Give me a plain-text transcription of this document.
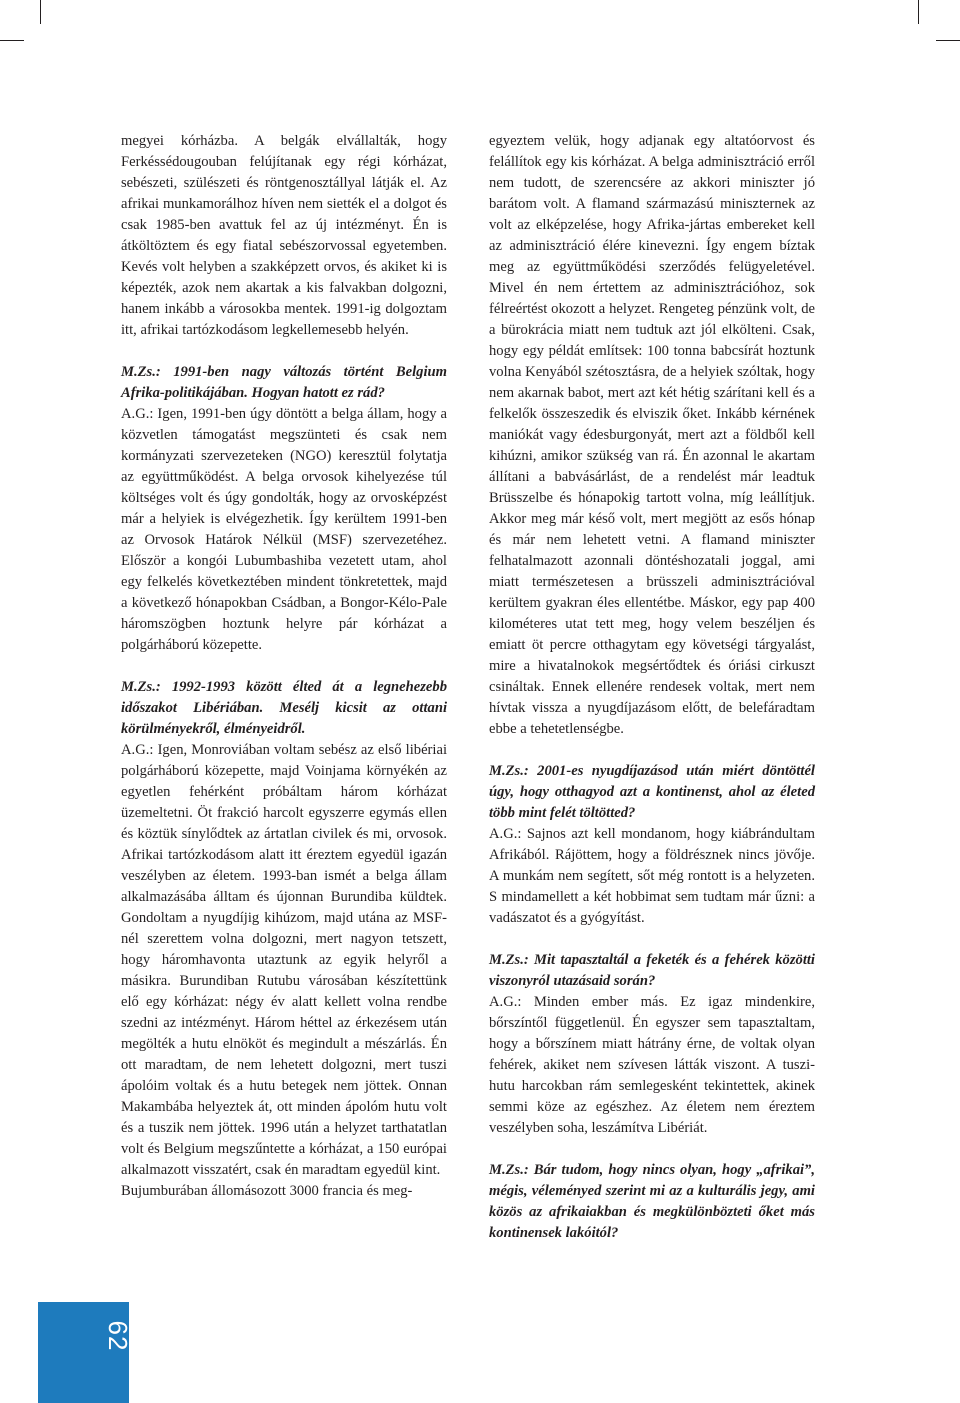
megyei kórházba. A belgák elvállalták, hogy Ferkéssédougouban felújítanak egy régi kórházat, sebészeti, szülészeti és röntgenosztállyal látják el. Az afrikai munkamorálhoz híven nem siették el a dolgot és csak 1985-ben avattuk fel az új intézményt. Én is átköltöztem és egy fiatal sebészorvossal egyetemben. Kevés volt helyben a szakképzett orvos, és akiket ki is képezték, azok nem akartak a kis falvakban dolgozni, hanem inkább a városokba mentek. 1991-ig dolgoztam itt, afrikai tartózkodásom legkellemesebb helyén.

M.Zs.: 1991-ben nagy változás történt Belgium Afrika-politikájában. Hogyan hatott ez rád?

A.G.: Igen, 1991-ben úgy döntött a belga állam, hogy a közvetlen támogatást megszünteti és csak nem kormányzati szervezeteken (NGO) keresztül folytatja az együttműködést. A belga orvosok kihelyezése túl költséges volt és úgy gondolták, hogy az orvosképzést már a helyiek is elvégezhetik. Így kerültem 1991-ben az Orvosok Határok Nélkül (MSF) szervezetéhez. Először a kongói Lubumbashiba vezetett utam, ahol egy felkelés következtében mindent tönkretettek, majd a következő hónapokban Csádban, a Bongor-Kélo-Pale háromszögben hoztunk helyre pár kórházat a polgárháború közepette.

M.Zs.: 1992-1993 között élted át a legnehezebb időszakot Libériában. Mesélj kicsit az ottani körülményekről, élményeidről.

A.G.: Igen, Monroviában voltam sebész az első libériai polgárháború közepette, majd Voinjama környékén az egyetlen fehérként próbáltam három kórházat üzemeltetni. Öt frakció harcolt egyszerre egymás ellen és köztük sínylődtek az ártatlan civilek és mi, orvosok. Afrikai tartózkodásom alatt itt éreztem egyedül igazán veszélyben az életem. 1993-ban ismét a belga állam alkalmazásába álltam és újonnan Burundiba küldtek. Gondoltam a nyugdíjig kihúzom, majd utána az MSF-nél szerettem volna dolgozni, mert nagyon tetszett, hogy háromhavonta utaztunk az egyik helyről a másikra. Burundiban Rutubu városában készítettünk elő egy kórházat: négy év alatt kellett volna rendbe szedni az intézményt. Három héttel az érkezésem után megölték a hutu elnököt és megindult a mészárlás. Én ott maradtam, de nem lehetett dolgozni, mert tuszi ápolóim voltak és a hutu betegek nem jöttek. Onnan Makambába helyeztek át, ott minden ápolóm hutu volt és a tuszik nem jöttek. 1996 után a helyzet tarthatatlan volt és Belgium megszűntette a kórházat, a 150 európai alkalmazott visszatért, csak én maradtam egyedül kint.

Bujumburában állomásozott 3000 francia és meg-

egyeztem velük, hogy adjanak egy altatóorvost és felállítok egy kis kórházat. A belga adminisztráció erről nem tudott, de szerencsére az akkori miniszter jó barátom volt. A flamand származású miniszternek az volt az elképzelése, hogy Afrika-jártas embereket kell az adminisztráció élére kinevezni. Így engem bíztak meg az együttműködési szerződés felügyeletével. Mivel én nem értettem az adminisztrációhoz, sok félreértést okozott a helyzet. Rengeteg pénzünk volt, de a bürokrácia miatt nem tudtuk azt jól elkölteni. Csak, hogy egy példát említsek: 100 tonna babcsírát hoztunk volna Kenyából szétosztásra, de a helyiek szóltak, hogy nem akarnak babot, mert azt két hétig szárítani kell és a felkelők összeszedik és elviszik őket. Inkább kérnének maniókát vagy édesburgonyát, mert azt a földből kell kihúzni, amikor szükség van rá. Én azonnal le akartam állítani a babvásárlást, de a rendelést már leadtuk Brüsszelbe és hónapokig tartott volna, míg leállítjuk. Akkor meg már késő volt, mert megjött az esős hónap és már nem lehetett vetni. A flamand miniszter felhatalmazott azonnali döntéshozatali joggal, ami miatt természetesen a brüsszeli adminisztrációval kerültem gyakran éles ellentétbe. Máskor, egy pap 400 kilométeres utat tett meg, hogy velem beszéljen és emiatt öt percre otthagytam egy követségi tárgyalást, mire a hivatalnokok megsértődtek és óriási cirkuszt csináltak. Ennek ellenére rendesek voltak, mert nem hívtak vissza a nyugdíjazásom előtt, de belefáradtam ebbe a tehetetlenségbe.

M.Zs.: 2001-es nyugdíjazásod után miért döntöttél úgy, hogy otthagyod azt a kontinenst, ahol az életed több mint felét töltötted?

A.G.: Sajnos azt kell mondanom, hogy kiábrándultam Afrikából. Rájöttem, hogy a földrésznek nincs jövője. A munkám nem segített, sőt még rontott is a helyzeten. S mindamellett a két hobbimat sem tudtam már űzni: a vadászatot és a gyógyítást.

M.Zs.: Mit tapasztaltál a feketék és a fehérek közötti viszonyról utazásaid során?

A.G.: Minden ember más. Ez igaz mindenkire, bőrszíntől függetlenül. Én egyszer sem tapasztaltam, hogy a bőrszínem miatt hátrány érne, de voltak olyan fehérek, akiket nem szívesen látták viszont. A tuszi-hutu harcokban rám semlegesként tekintettek, akinek semmi köze az egészhez. Az életem nem éreztem veszélyben soha, leszámítva Libériát.

M.Zs.: Bár tudom, hogy nincs olyan, hogy „afrikai”, mégis, véleményed szerint mi az a kulturális jegy, ami közös az afrikaiakban és megkülönbözteti őket más kontinensek lakóitól?

62
